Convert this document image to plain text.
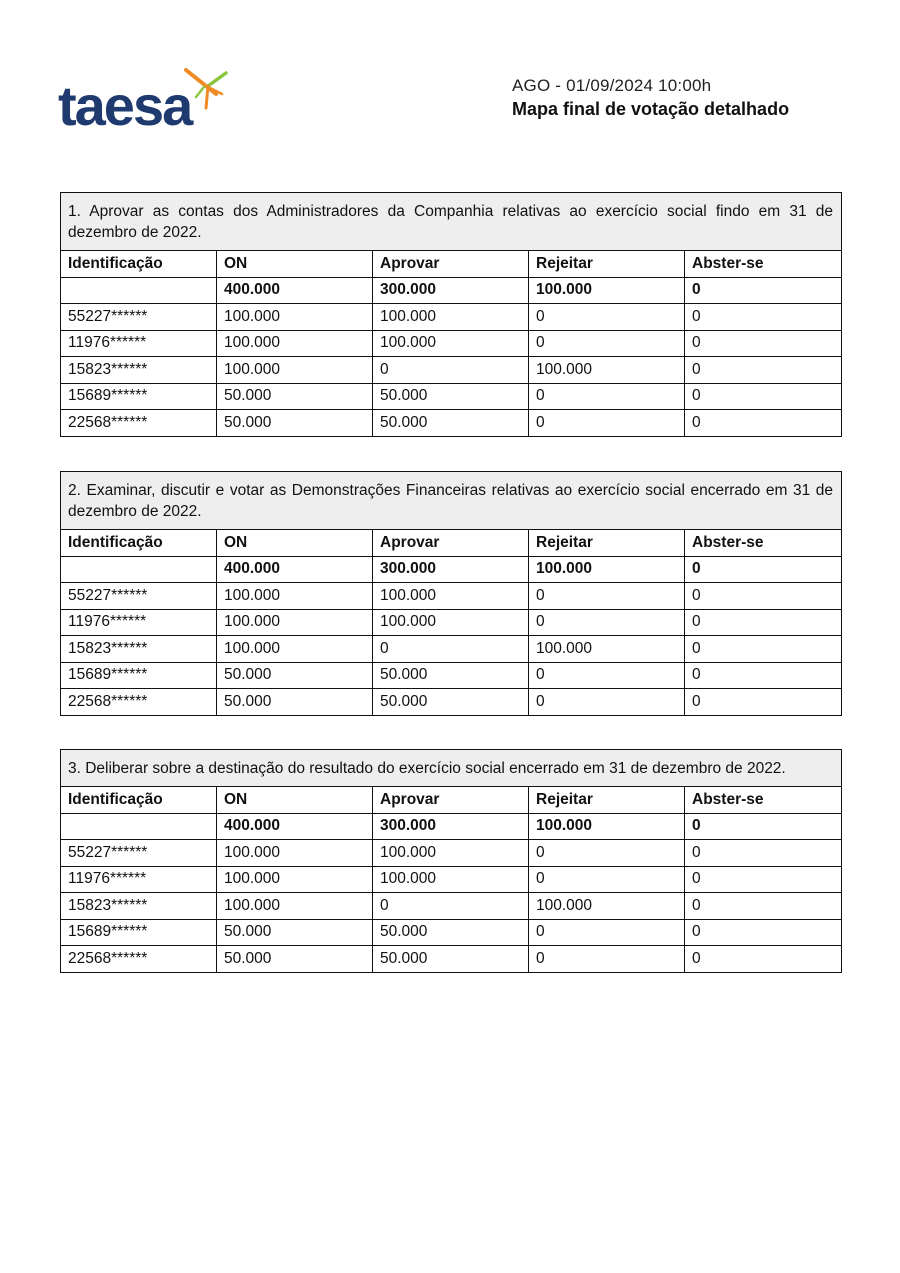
taesa	AGO - 01/09/2024 10:00h
Mapa final de votação detalhado
1. Aprovar as contas dos Administradores da Companhia relativas ao exercício social findo em 31 de dezembro de 2022.				
Identificação	ON	Aprovar	Rejeitar	Abster-se
	400.000	300.000	100.000	0
55227******	100.000	100.000	0	0
11976******	100.000	100.000	0	0
15823******	100.000	0	100.000	0
15689******	50.000	50.000	0	0
22568******	50.000	50.000	0	0
2. Examinar, discutir e votar as Demonstrações Financeiras relativas ao exercício social encerrado em 31 de dezembro de 2022.				
Identificação	ON	Aprovar	Rejeitar	Abster-se
	400.000	300.000	100.000	0
55227******	100.000	100.000	0	0
11976******	100.000	100.000	0	0
15823******	100.000	0	100.000	0
15689******	50.000	50.000	0	0
22568******	50.000	50.000	0	0
3. Deliberar sobre a destinação do resultado do exercício social encerrado em 31 de dezembro de 2022.				
Identificação	ON	Aprovar	Rejeitar	Abster-se
	400.000	300.000	100.000	0
55227******	100.000	100.000	0	0
11976******	100.000	100.000	0	0
15823******	100.000	0	100.000	0
15689******	50.000	50.000	0	0
22568******	50.000	50.000	0	0
